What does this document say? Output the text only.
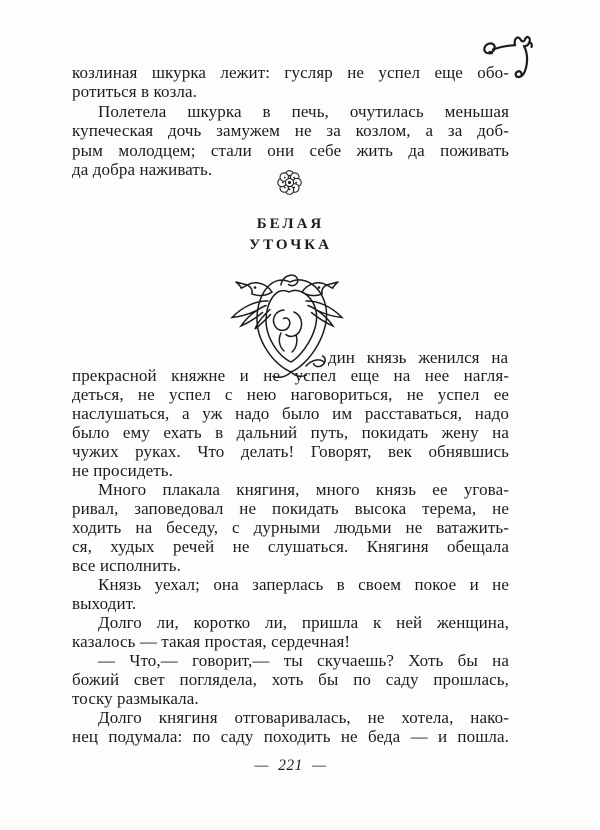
козлиная шкурка лежит: гусляр не успел еще обо-
ротиться в козла.
Полетела шкурка в печь, очутилась меньшая
купеческая дочь замужем не за козлом, а за доб-
рым молодцем; стали они себе жить да поживать
да добра наживать.
БЕЛАЯ
УТОЧКА
дин князь женился на
прекрасной княжне и не успел еще на нее нагля-
деться, не успел с нею наговориться, не успел ее
наслушаться, а уж надо было им расставаться, надо
было ему ехать в дальний путь, покидать жену на
чужих руках. Что делать! Говорят, век обнявшись
не просидеть.
Много плакала княгиня, много князь ее угова-
ривал, заповедовал не покидать высока терема, не
ходить на беседу, с дурными людьми не ватажить-
ся, худых речей не слушаться. Княгиня обещала
все исполнить.
Князь уехал; она заперлась в своем покое и не
выходит.
Долго ли, коротко ли, пришла к ней женщина,
казалось — такая простая, сердечная!
— Что,— говорит,— ты скучаешь? Хоть бы на
божий свет поглядела, хоть бы по саду прошлась,
тоску размыкала.
Долго княгиня отговаривалась, не хотела, нако-
нец подумала: по саду походить не беда — и пошла.
— 221 —
